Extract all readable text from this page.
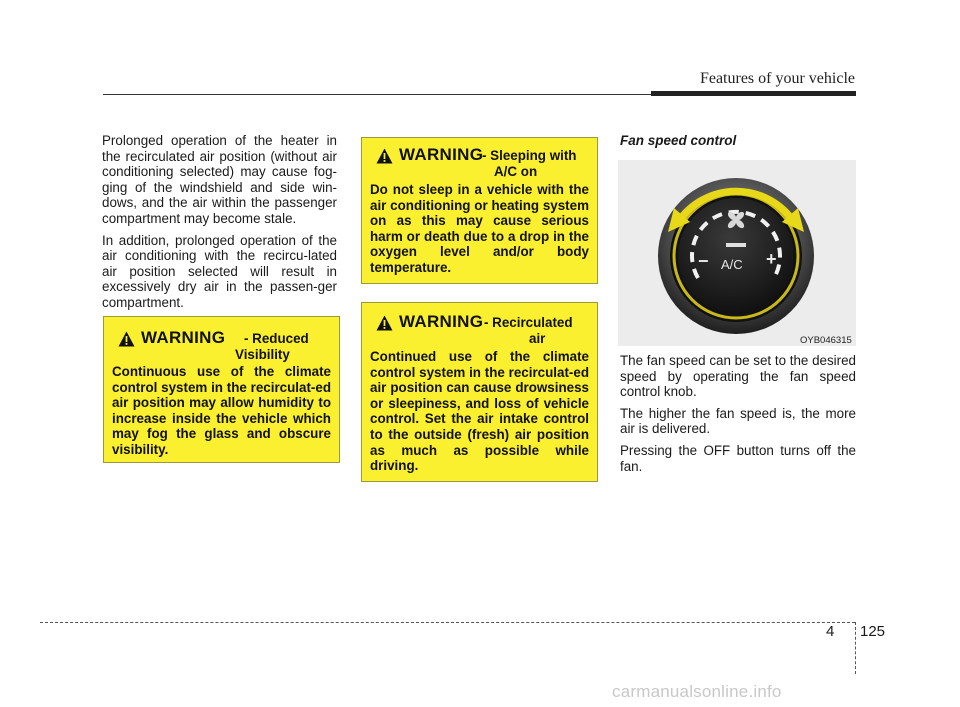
Features of your vehicle

Prolonged operation of the heater in the recirculated air position (without air conditioning selected) may cause fog-ging of the windshield and side win-dows, and the air within the passenger compartment may become stale.

In addition, prolonged operation of the air conditioning with the recircu-lated air position selected will result in excessively dry air in the passen-ger compartment.

WARNING - Reduced
Visibility
Continuous use of the climate control system in the recirculat-ed air position may allow humidity to increase inside the vehicle which may fog the glass and obscure visibility.
WARNING
- Sleeping with
A/C on
Do not sleep in a vehicle with the air conditioning or heating system on as this may cause serious harm or death due to a drop in the oxygen level and/or body temperature.
WARNING - Recirculated
air
Continued use of the climate control system in the recirculat-ed air position can cause drowsiness or sleepiness, and loss of vehicle control. Set the air intake control to the outside (fresh) air position as much as possible while driving.
Fan speed control
A/C
−	+
OYB046315

The fan speed can be set to the desired speed by operating the fan speed control knob.

The higher the fan speed is, the more air is delivered.

Pressing the OFF button turns off the fan.

4 125
carmanualsonline.info
